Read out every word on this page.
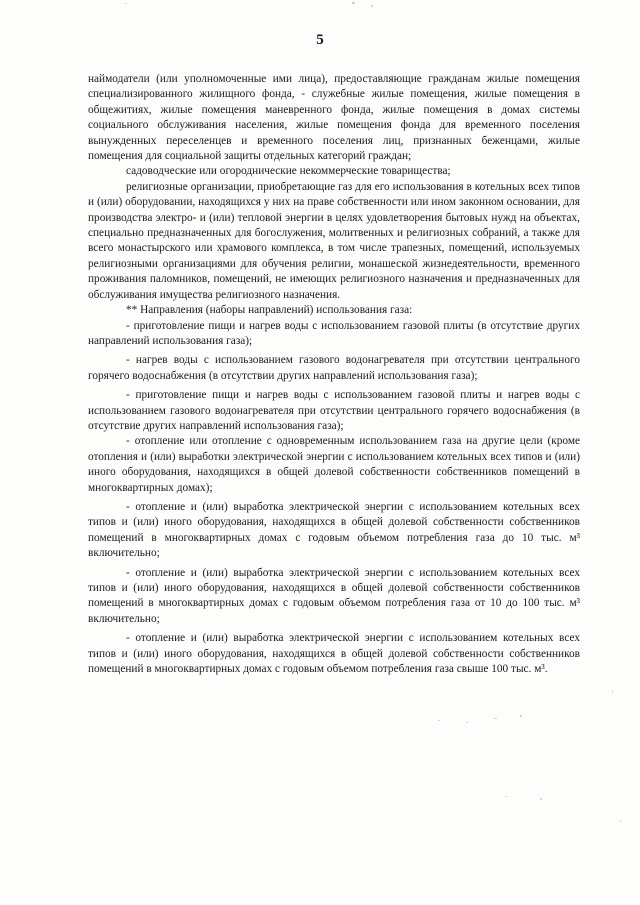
5

наймодатели (или уполномоченные ими лица), предоставляющие гражданам жилые помещения специализированного жилищного фонда, - служебные жилые помещения, жилые помещения в общежитиях, жилые помещения маневренного фонда, жилые помещения в домах системы социального обслуживания населения, жилые помещения фонда для временного поселения вынужденных переселенцев и временного поселения лиц, признанных беженцами, жилые помещения для социальной защиты отдельных категорий граждан;

садоводческие или огороднические некоммерческие товарищества;

религиозные организации, приобретающие газ для его использования в котельных всех типов и (или) оборудовании, находящихся у них на праве собственности или ином законном основании, для производства электро- и (или) тепловой энергии в целях удовлетворения бытовых нужд на объектах, специально предназначенных для богослужения, молитвенных и религиозных собраний, а также для всего монастырского или храмового комплекса, в том числе трапезных, помещений, используемых религиозными организациями для обучения религии, монашеской жизнедеятельности, временного проживания паломников, помещений, не имеющих религиозного назначения и предназначенных для обслуживания имущества религиозного назначения.

** Направления (наборы направлений) использования газа:

- приготовление пищи и нагрев воды с использованием газовой плиты (в отсутствие других направлений использования газа);

- нагрев воды с использованием газового водонагревателя при отсутствии центрального горячего водоснабжения (в отсутствии других направлений использования газа);

- приготовление пищи и нагрев воды с использованием газовой плиты и нагрев воды с использованием газового водонагревателя при отсутствии центрального горячего водоснабжения (в отсутствие других направлений использования газа);

- отопление или отопление с одновременным использованием газа на другие цели (кроме отопления и (или) выработки электрической энергии с использованием котельных всех типов и (или) иного оборудования, находящихся в общей долевой собственности собственников помещений в многоквартирных домах);

- отопление и (или) выработка электрической энергии с использованием котельных всех типов и (или) иного оборудования, находящихся в общей долевой собственности собственников помещений в многоквартирных домах с годовым объемом потребления газа до 10 тыс. м³ включительно;

- отопление и (или) выработка электрической энергии с использованием котельных всех типов и (или) иного оборудования, находящихся в общей долевой собственности собственников помещений в многоквартирных домах с годовым объемом потребления газа от 10 до 100 тыс. м³ включительно;

- отопление и (или) выработка электрической энергии с использованием котельных всех типов и (или) иного оборудования, находящихся в общей долевой собственности собственников помещений в многоквартирных домах с годовым объемом потребления газа свыше 100 тыс. м³.
